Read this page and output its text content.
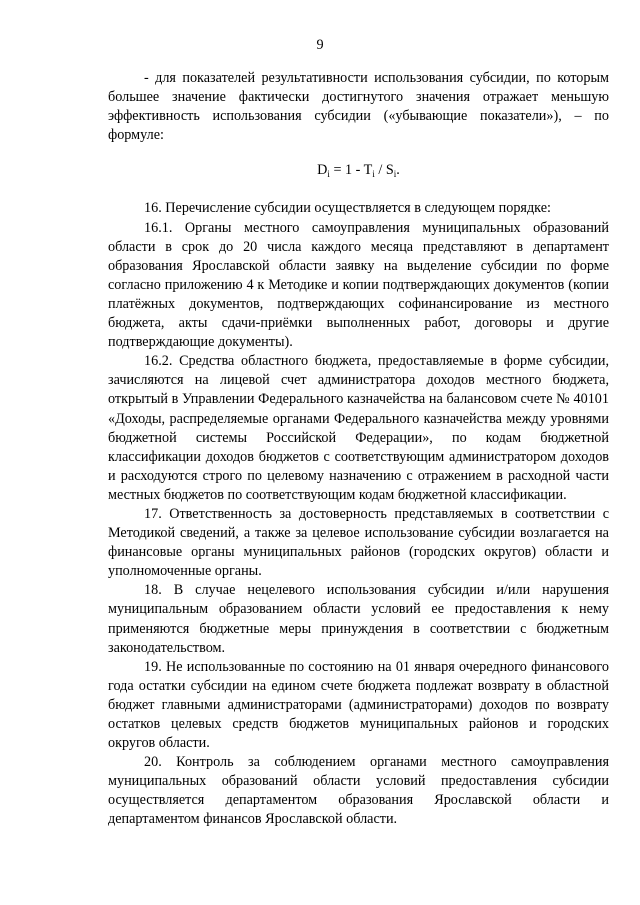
9

- для показателей результативности использования субсидии, по которым большее значение фактически достигнутого значения отражает меньшую эффективность использования субсидии («убывающие показатели»), – по формуле:

$D_i = 1 - T_i / S_i$.

16. Перечисление субсидии осуществляется в следующем порядке:

16.1. Органы местного самоуправления муниципальных образований области в срок до 20 числа каждого месяца представляют в департамент образования Ярославской области заявку на выделение субсидии по форме согласно приложению 4 к Методике и копии подтверждающих документов (копии платёжных документов, подтверждающих софинансирование из местного бюджета, акты сдачи-приёмки выполненных работ, договоры и другие подтверждающие документы).

16.2. Средства областного бюджета, предоставляемые в форме субсидии, зачисляются на лицевой счет администратора доходов местного бюджета, открытый в Управлении Федерального казначейства на балансовом счете № 40101 «Доходы, распределяемые органами Федерального казначейства между уровнями бюджетной системы Российской Федерации», по кодам бюджетной классификации доходов бюджетов с соответствующим администратором доходов и расходуются строго по целевому назначению с отражением в расходной части местных бюджетов по соответствующим кодам бюджетной классификации.

17. Ответственность за достоверность представляемых в соответствии с Методикой сведений, а также за целевое использование субсидии возлагается на финансовые органы муниципальных районов (городских округов) области и уполномоченные органы.

18. В случае нецелевого использования субсидии и/или нарушения муниципальным образованием области условий ее предоставления к нему применяются бюджетные меры принуждения в соответствии с бюджетным законодательством.

19. Не использованные по состоянию на 01 января очередного финансового года остатки субсидии на едином счете бюджета подлежат возврату в областной бюджет главными администраторами (администраторами) доходов по возврату остатков целевых средств бюджетов муниципальных районов и городских округов области.

20. Контроль за соблюдением органами местного самоуправления муниципальных образований области условий предоставления субсидии осуществляется департаментом образования Ярославской области и департаментом финансов Ярославской области.
